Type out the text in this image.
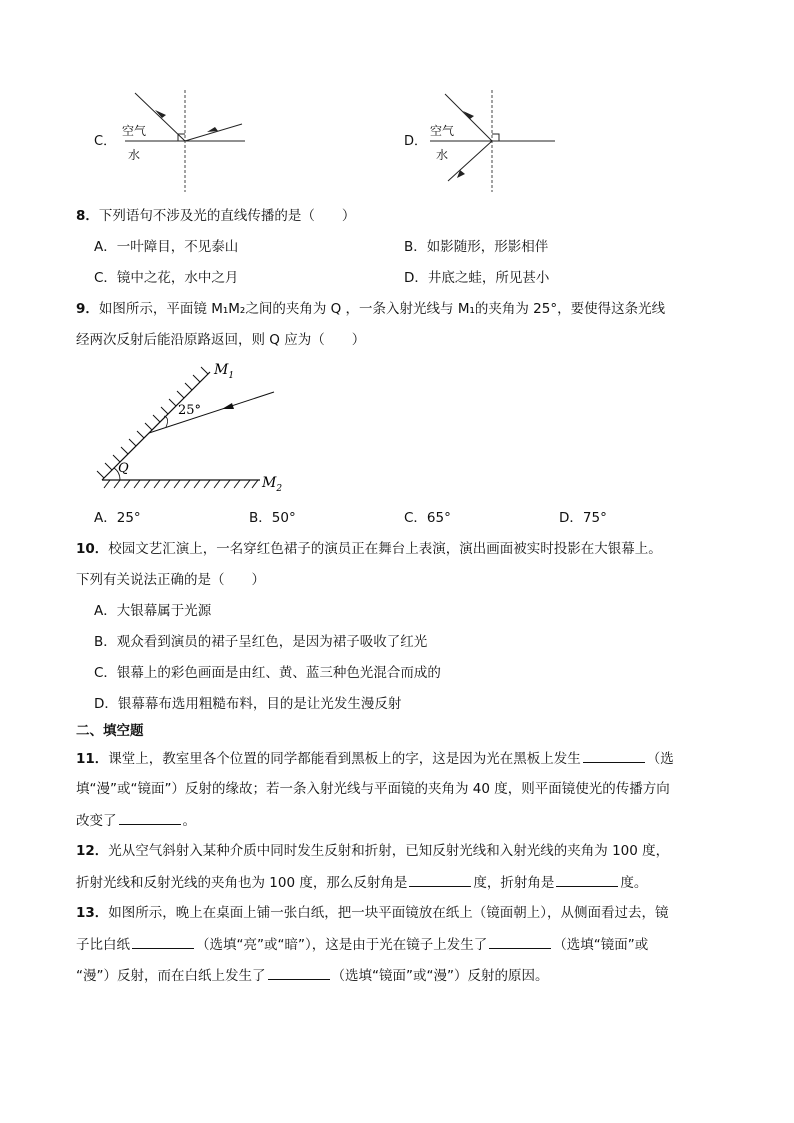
C．
空气
水
D．
空气
水
8．下列语句不涉及光的直线传播的是（　　）
A．一叶障目，不见泰山	B．如影随形，形影相伴
C．镜中之花，水中之月	D．井底之蛙，所见甚小
9．如图所示，平面镜 M₁M₂之间的夹角为 Q ，一条入射光线与 M₁的夹角为 25°，要使得这条光线
经两次反射后能沿原路返回，则 Q 应为（　　）
$M_1$
$M_2$
25°
Q
A．25°	B．50°	C．65°	D．75°
10．校园文艺汇演上，一名穿红色裙子的演员正在舞台上表演，演出画面被实时投影在大银幕上。
下列有关说法正确的是（　　）
A．大银幕属于光源
B．观众看到演员的裙子呈红色，是因为裙子吸收了红光
C．银幕上的彩色画面是由红、黄、蓝三种色光混合而成的
D．银幕幕布选用粗糙布料，目的是让光发生漫反射
二、填空题
11．课堂上，教室里各个位置的同学都能看到黑板上的字，这是因为光在黑板上发生	（选
填“漫”或“镜面”）反射的缘故；若一条入射光线与平面镜的夹角为 40 度，则平面镜使光的传播方向
改变了	。
12．光从空气斜射入某种介质中同时发生反射和折射，已知反射光线和入射光线的夹角为 100 度，
折射光线和反射光线的夹角也为 100 度，那么反射角是	度，折射角是	度。
13．如图所示，晚上在桌面上铺一张白纸，把一块平面镜放在纸上（镜面朝上），从侧面看过去，镜
子比白纸	（选填“亮”或“暗”），这是由于光在镜子上发生了	（选填“镜面”或
“漫”）反射，而在白纸上发生了	（选填“镜面”或“漫”）反射的原因。
